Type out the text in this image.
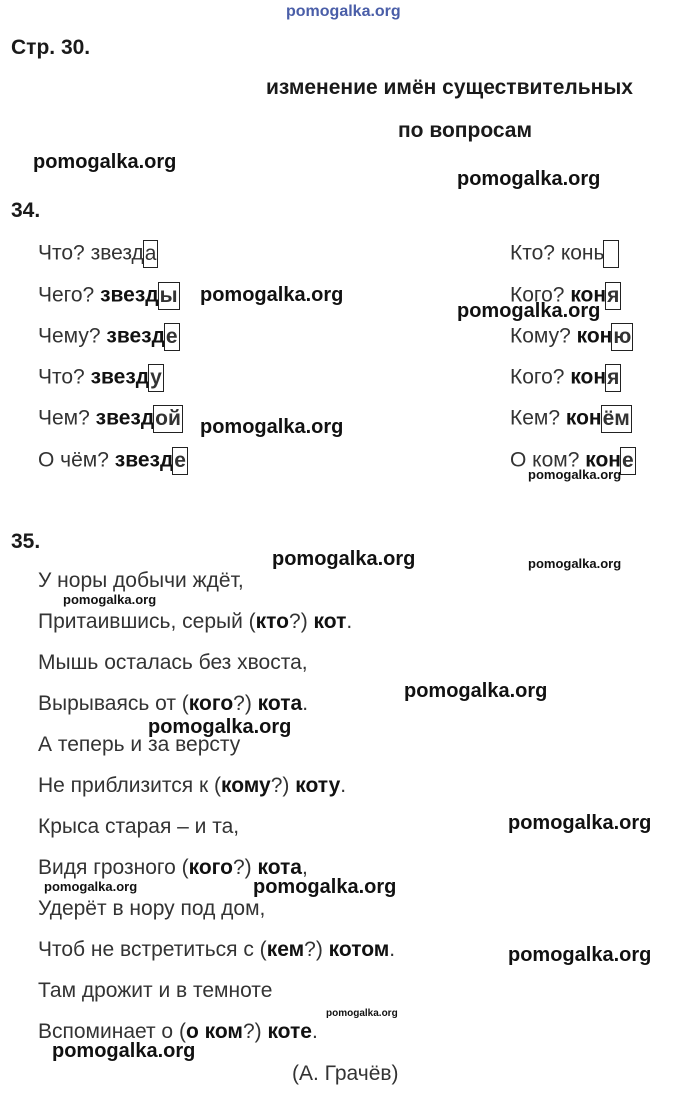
pomogalka.org
Стр. 30.
изменение имён существительных
по вопросам
34.
Что? звезда
Чего? звезды
Чему? звезде
Что? звезду
Чем? звездой
О чём? звезде
Кто? конь
Кого? коня
Кому? коню
Кого? коня
Кем? конём
О ком? коне
35.
У норы добычи ждёт,
Притаившись, серый (кто?) кот.
Мышь осталась без хвоста,
Вырываясь от (кого?) кота.
А теперь и за версту
Не приблизится к (кому?) коту.
Крыса старая – и та,
Видя грозного (кого?) кота,
Удерёт в нору под дом,
Чтоб не встретиться с (кем?) котом.
Там дрожит и в темноте
Вспоминает о (о ком?) коте.
(А. Грачёв)
pomogalka.org
pomogalka.org
pomogalka.org
pomogalka.org
pomogalka.org
pomogalka.org
pomogalka.org	pomogalka.org
pomogalka.org
pomogalka.org
pomogalka.org
pomogalka.org
pomogalka.org	pomogalka.org
pomogalka.org
pomogalka.org
pomogalka.org
